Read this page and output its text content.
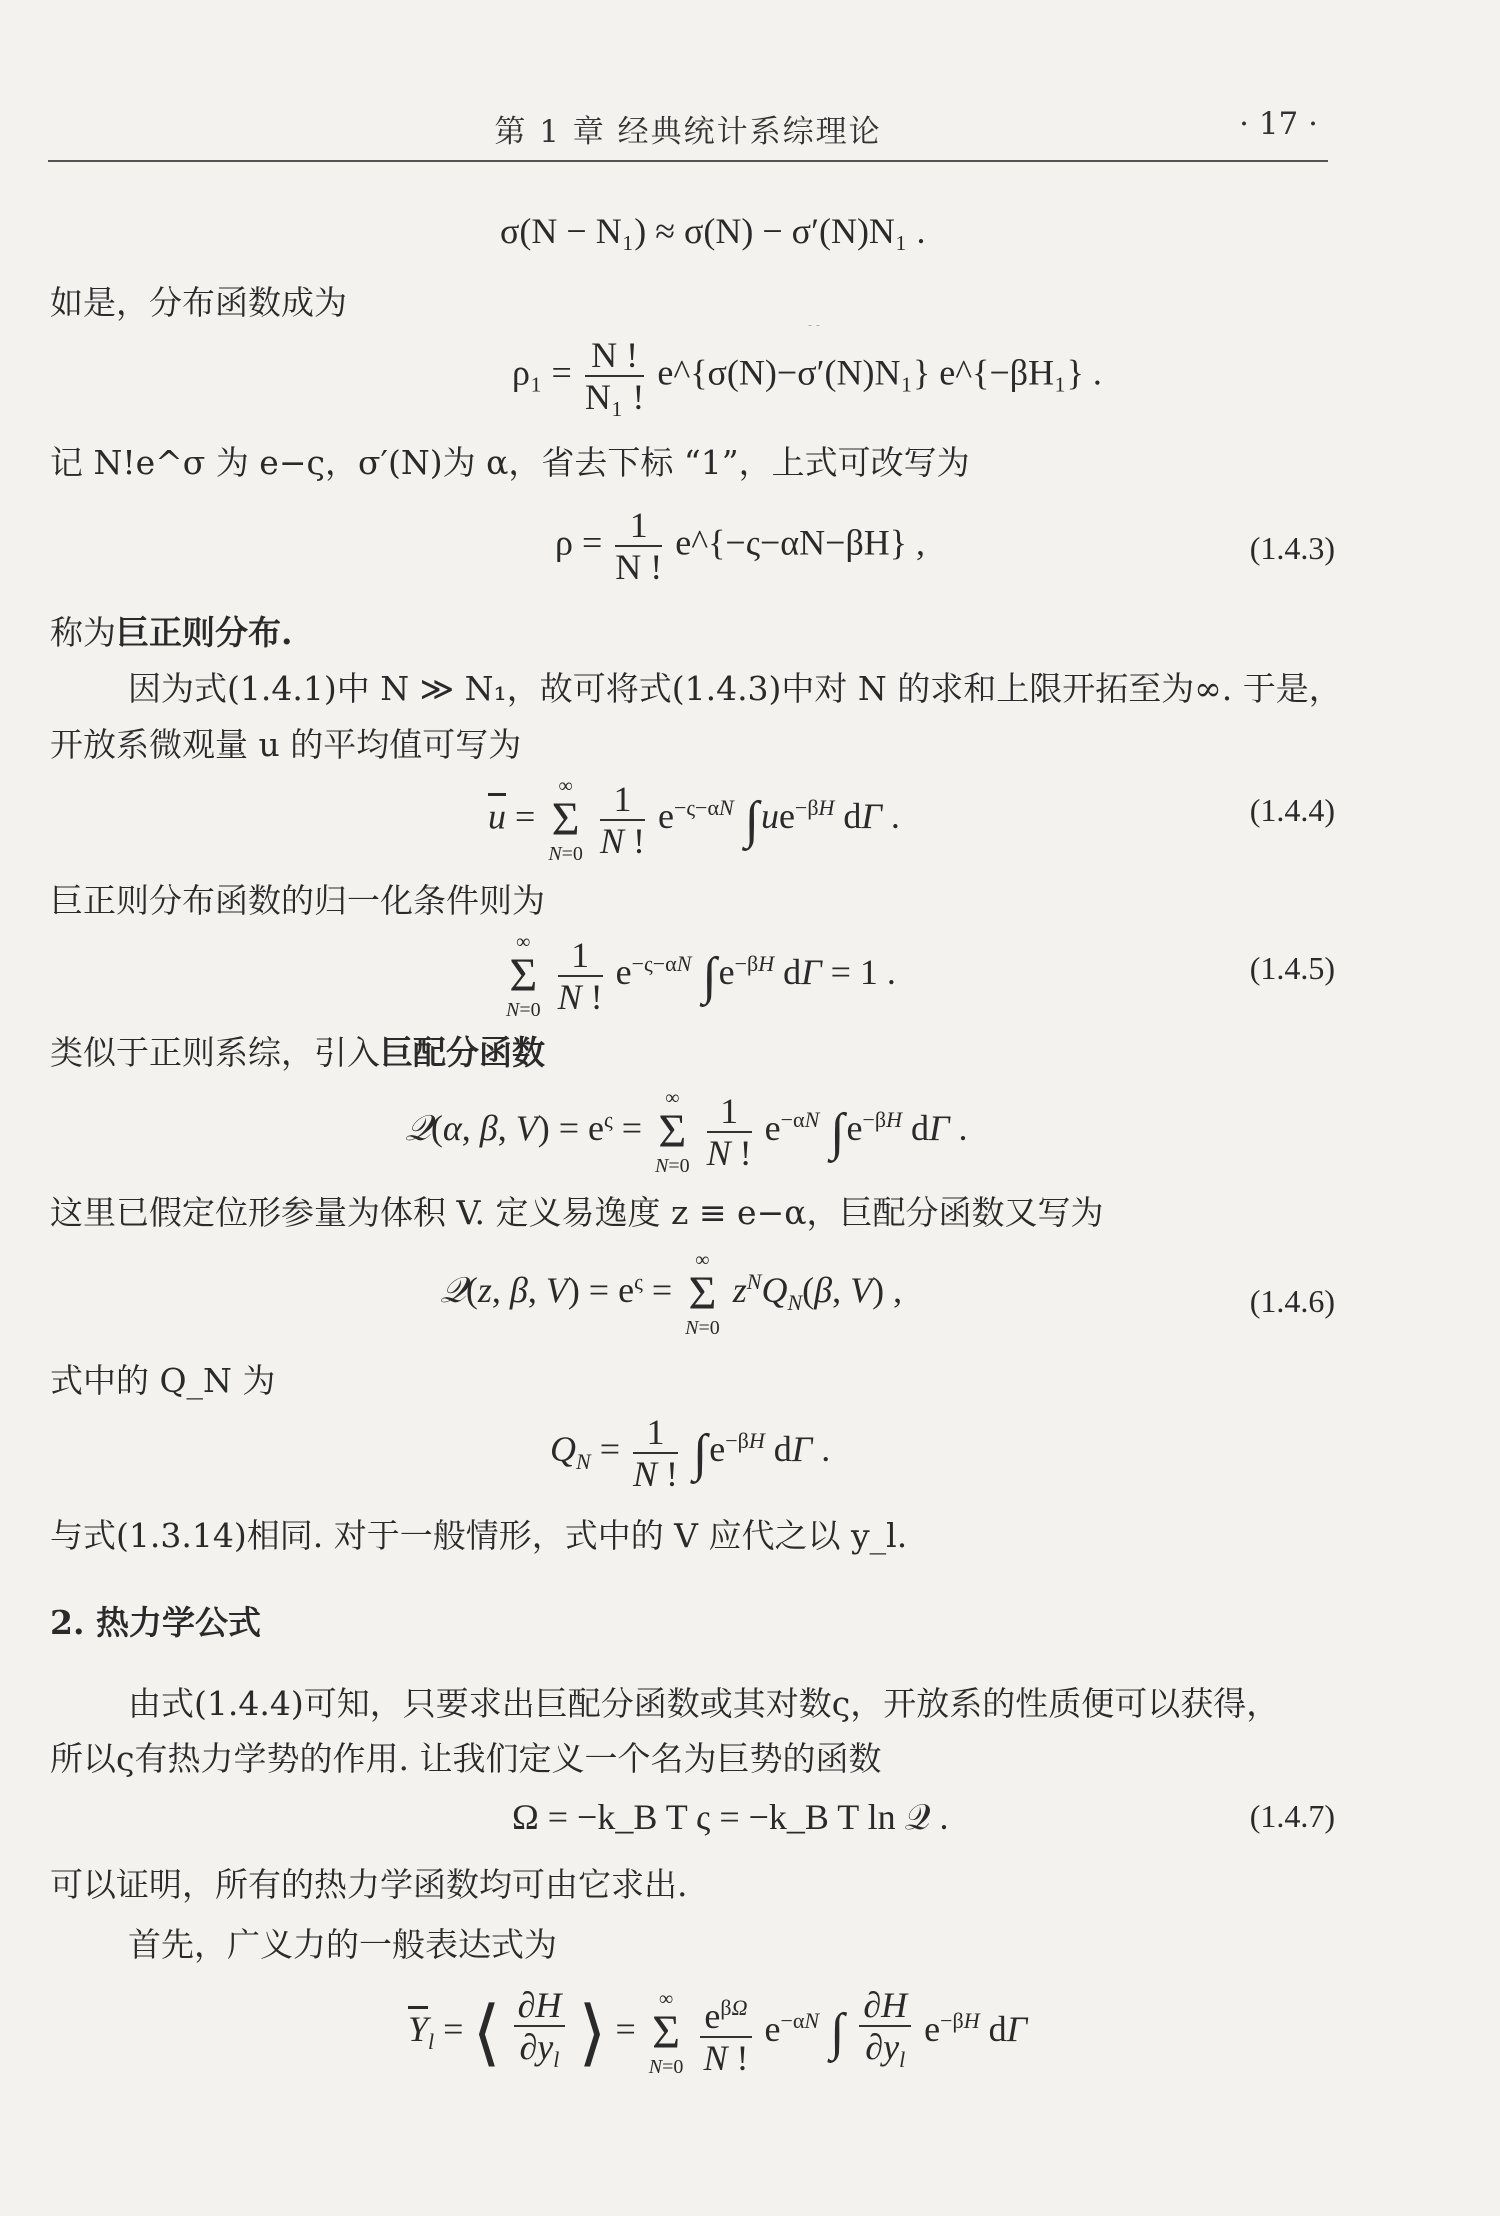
第 1 章 经典统计系综理论	· 17 ·
σ(N − N₁) ≈ σ(N) − σ′(N)N₁ .
如是，分布函数成为
- -
$\rho_1 = \frac{N !}{\text{N₁ !}}$ e^{σ(N)−σ′(N)N₁} e^{−βH₁} .
记 N!e^σ 为 e−ς，σ′(N)为 α，省去下标 “1”，上式可改写为
$\rho = \frac{1}{N !}$ e^{−ς−αN−βH} ,	(1.4.3)
称为巨正则分布.
因为式(1.4.1)中 N ≫ N₁，故可将式(1.4.3)中对 N 的求和上限开拓至为∞. 于是，
开放系微观量 u 的平均值可写为
$\overline{u}$ =
∞
Σ
N=0
$\frac{1}{N !} e^{-\varsigma-\alpha N}$ $\int ue^{-\beta H}$ dΓ .	(1.4.4)
巨正则分布函数的归一化条件则为
∞
Σ
N=0
$\frac{1}{N !} e^{-\varsigma-\alpha N}$ $\int e^{-\beta H}$ dΓ = 1 .	(1.4.5)
类似于正则系综，引入巨配分函数
𝒬(α, β, $V) = e^\varsigma$ =
∞
Σ
N=0
$\frac{1}{N !} e^{-\alpha N}$ $\int e^{-\beta H}$ dΓ .
这里已假定位形参量为体积 V. 定义易逸度 z ≡ e−α，巨配分函数又写为
𝒬(z, β, $V) = e^\varsigma$ =
∞
Σ
N=0
$z^NQ_N(\beta$, V) ,	(1.4.6)
式中的 Q_N 为
$Q_N = \frac{1}{N !} \int e^{-\beta H}$ dΓ .
与式(1.3.14)相同. 对于一般情形，式中的 V 应代之以 y_l.
2. 热力学公式
由式(1.4.4)可知，只要求出巨配分函数或其对数ς，开放系的性质便可以获得，
所以ς有热力学势的作用. 让我们定义一个名为巨势的函数
Ω = −k_B T ς = −k_B T ln 𝒬 .	(1.4.7)
可以证明，所有的热力学函数均可由它求出.
首先，广义力的一般表达式为
$\overline{Y}_l$ = ⟨ $\frac{\partial H}{\partial y_l}$ ⟩ =
∞
Σ
N=0
$\frac{e^{\beta\Omega}}{N !} e^{-\alpha N}$ ∫ $\frac{\partial H}{\partial y_l} e^{-\beta H}$ dΓ
